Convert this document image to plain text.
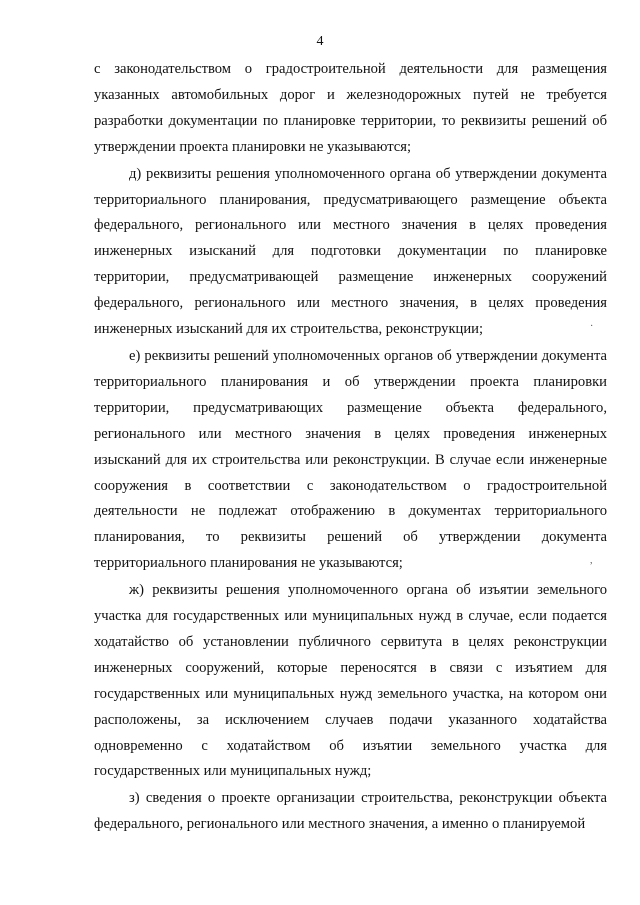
4

с законодательством о градостроительной деятельности для размещения указанных автомобильных дорог и железнодорожных путей не требуется разработки документации по планировке территории, то реквизиты решений об утверждении проекта планировки не указываются;

д) реквизиты решения уполномоченного органа об утверждении документа территориального планирования, предусматривающего размещение объекта федерального, регионального или местного значения в целях проведения инженерных изысканий для подготовки документации по планировке территории, предусматривающей размещение инженерных сооружений федерального, регионального или местного значения, в целях проведения инженерных изысканий для их строительства, реконструкции;

е) реквизиты решений уполномоченных органов об утверждении документа территориального планирования и об утверждении проекта планировки территории, предусматривающих размещение объекта федерального, регионального или местного значения в целях проведения инженерных изысканий для их строительства или реконструкции. В случае если инженерные сооружения в соответствии с законодательством о градостроительной деятельности не подлежат отображению в документах территориального планирования, то реквизиты решений об утверждении документа территориального планирования не указываются;

ж) реквизиты решения уполномоченного органа об изъятии земельного участка для государственных или муниципальных нужд в случае, если подается ходатайство об установлении публичного сервитута в целях реконструкции инженерных сооружений, которые переносятся в связи с изъятием для государственных или муниципальных нужд земельного участка, на котором они расположены, за исключением случаев подачи указанного ходатайства одновременно с ходатайством об изъятии земельного участка для государственных или муниципальных нужд;

з) сведения о проекте организации строительства, реконструкции объекта федерального, регионального или местного значения, а именно о планируемой

·
,
